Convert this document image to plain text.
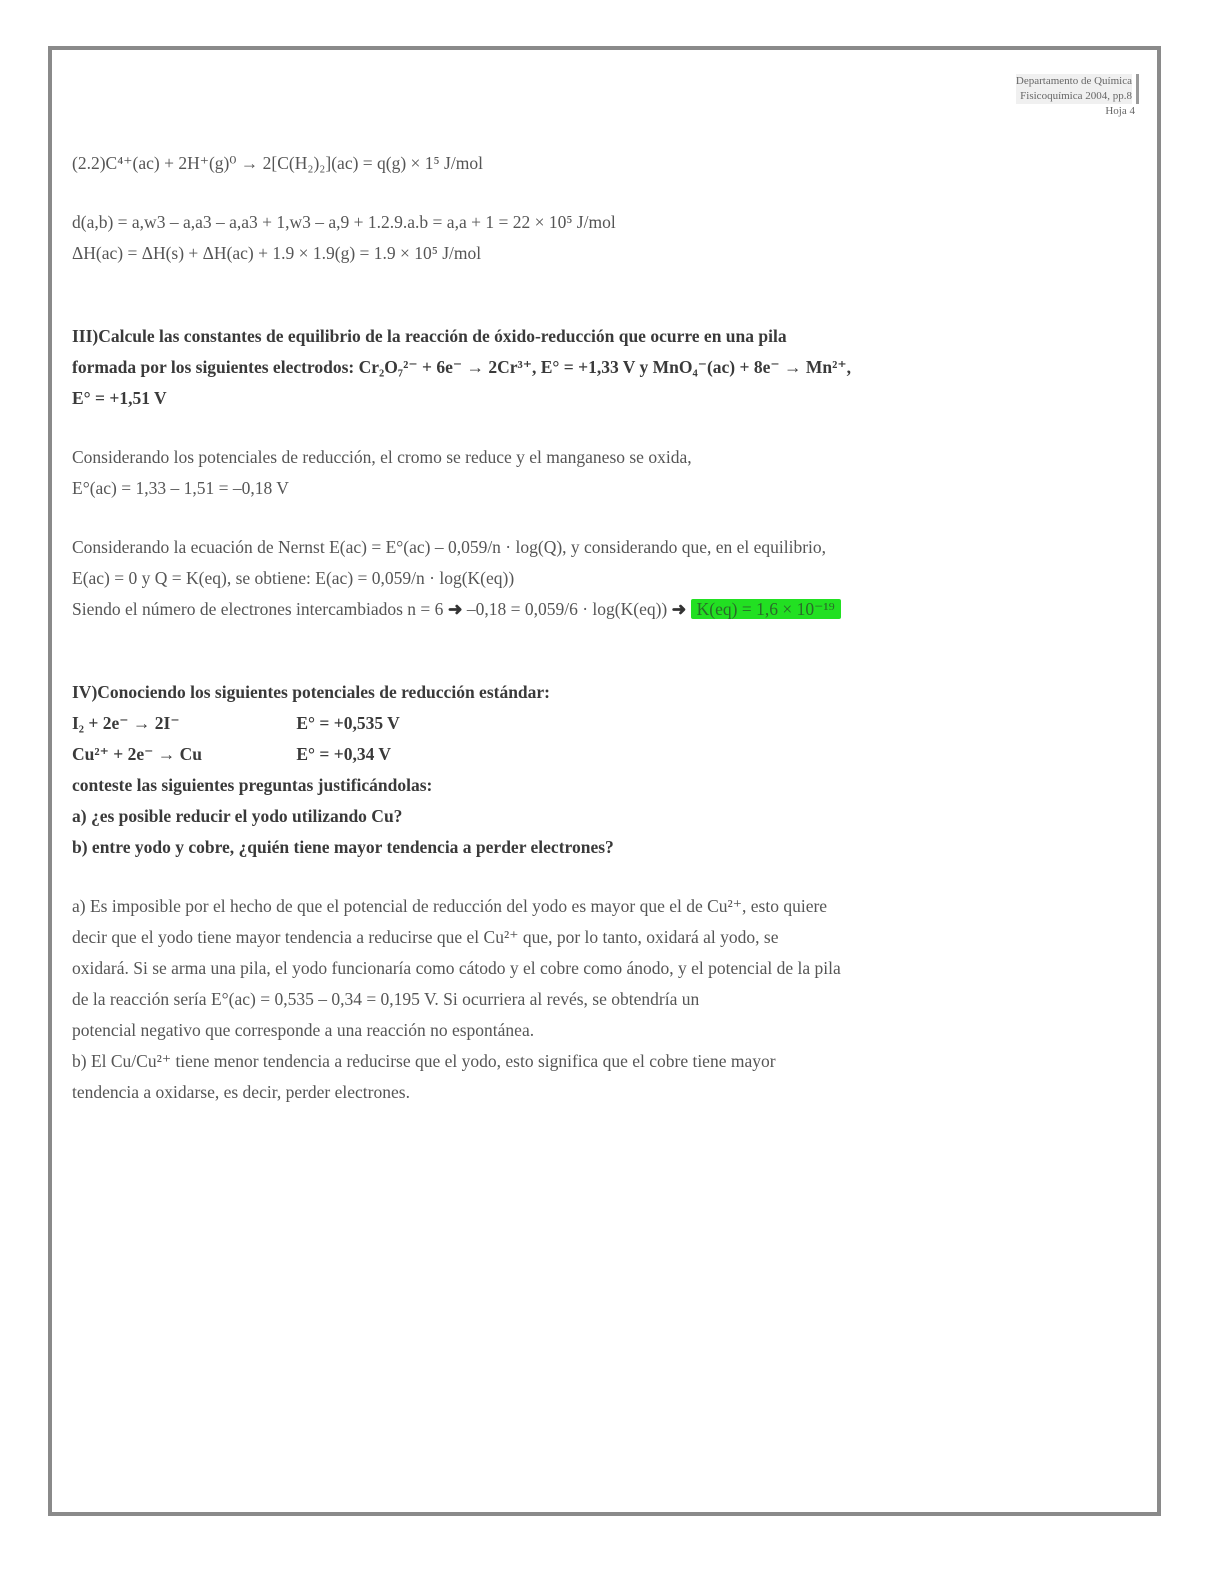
Departamento de Química
Fisicoquímica 2004, pp.8
Hoja 4

(2.2)C⁴⁺(ac) + 2H⁺(g)⁰ → 2[C(H₂)₂](ac) = q(g) × 1⁵ J/mol

d(a,b) = a,w3 – a,a3 – a,a3 + 1,w3 – a,9 + 1.2.9.a.b = a,a + 1 = 22 × 10⁵ J/mol

ΔH(ac) = ΔH(s) + ΔH(ac) + 1.9 × 1.9(g) = 1.9 × 10⁵ J/mol

III)Calcule las constantes de equilibrio de la reacción de óxido-reducción que ocurre en una pila

formada por los siguientes electrodos: Cr₂O₇²⁻ + 6e⁻ → 2Cr³⁺, E° = +1,33 V y MnO₄⁻(ac) + 8e⁻ → Mn²⁺,

E° = +1,51 V

Considerando los potenciales de reducción, el cromo se reduce y el manganeso se oxida,

E°(ac) = 1,33 – 1,51 = –0,18 V

Considerando la ecuación de Nernst E(ac) = E°(ac) – 0,059/n · log(Q), y considerando que, en el equilibrio,

E(ac) = 0 y Q = K(eq), se obtiene: E(ac) = 0,059/n · log(K(eq))

Siendo el número de electrones intercambiados n = 6 ➜ –0,18 = 0,059/6 · log(K(eq)) ➜ K(eq) = 1,6 × 10⁻¹⁹

IV)Conociendo los siguientes potenciales de reducción estándar:

I₂ + 2e⁻ → 2I⁻	E° = +0,535 V

Cu²⁺ + 2e⁻ → Cu	E° = +0,34 V

conteste las siguientes preguntas justificándolas:

a) ¿es posible reducir el yodo utilizando Cu?

b) entre yodo y cobre, ¿quién tiene mayor tendencia a perder electrones?

a) Es imposible por el hecho de que el potencial de reducción del yodo es mayor que el de Cu²⁺, esto quiere

decir que el yodo tiene mayor tendencia a reducirse que el Cu²⁺ que, por lo tanto, oxidará al yodo, se

oxidará. Si se arma una pila, el yodo funcionaría como cátodo y el cobre como ánodo, y el potencial de la pila

de la reacción sería E°(ac) = 0,535 – 0,34 = 0,195 V. Si ocurriera al revés, se obtendría un

potencial negativo que corresponde a una reacción no espontánea.

b) El Cu/Cu²⁺ tiene menor tendencia a reducirse que el yodo, esto significa que el cobre tiene mayor

tendencia a oxidarse, es decir, perder electrones.
